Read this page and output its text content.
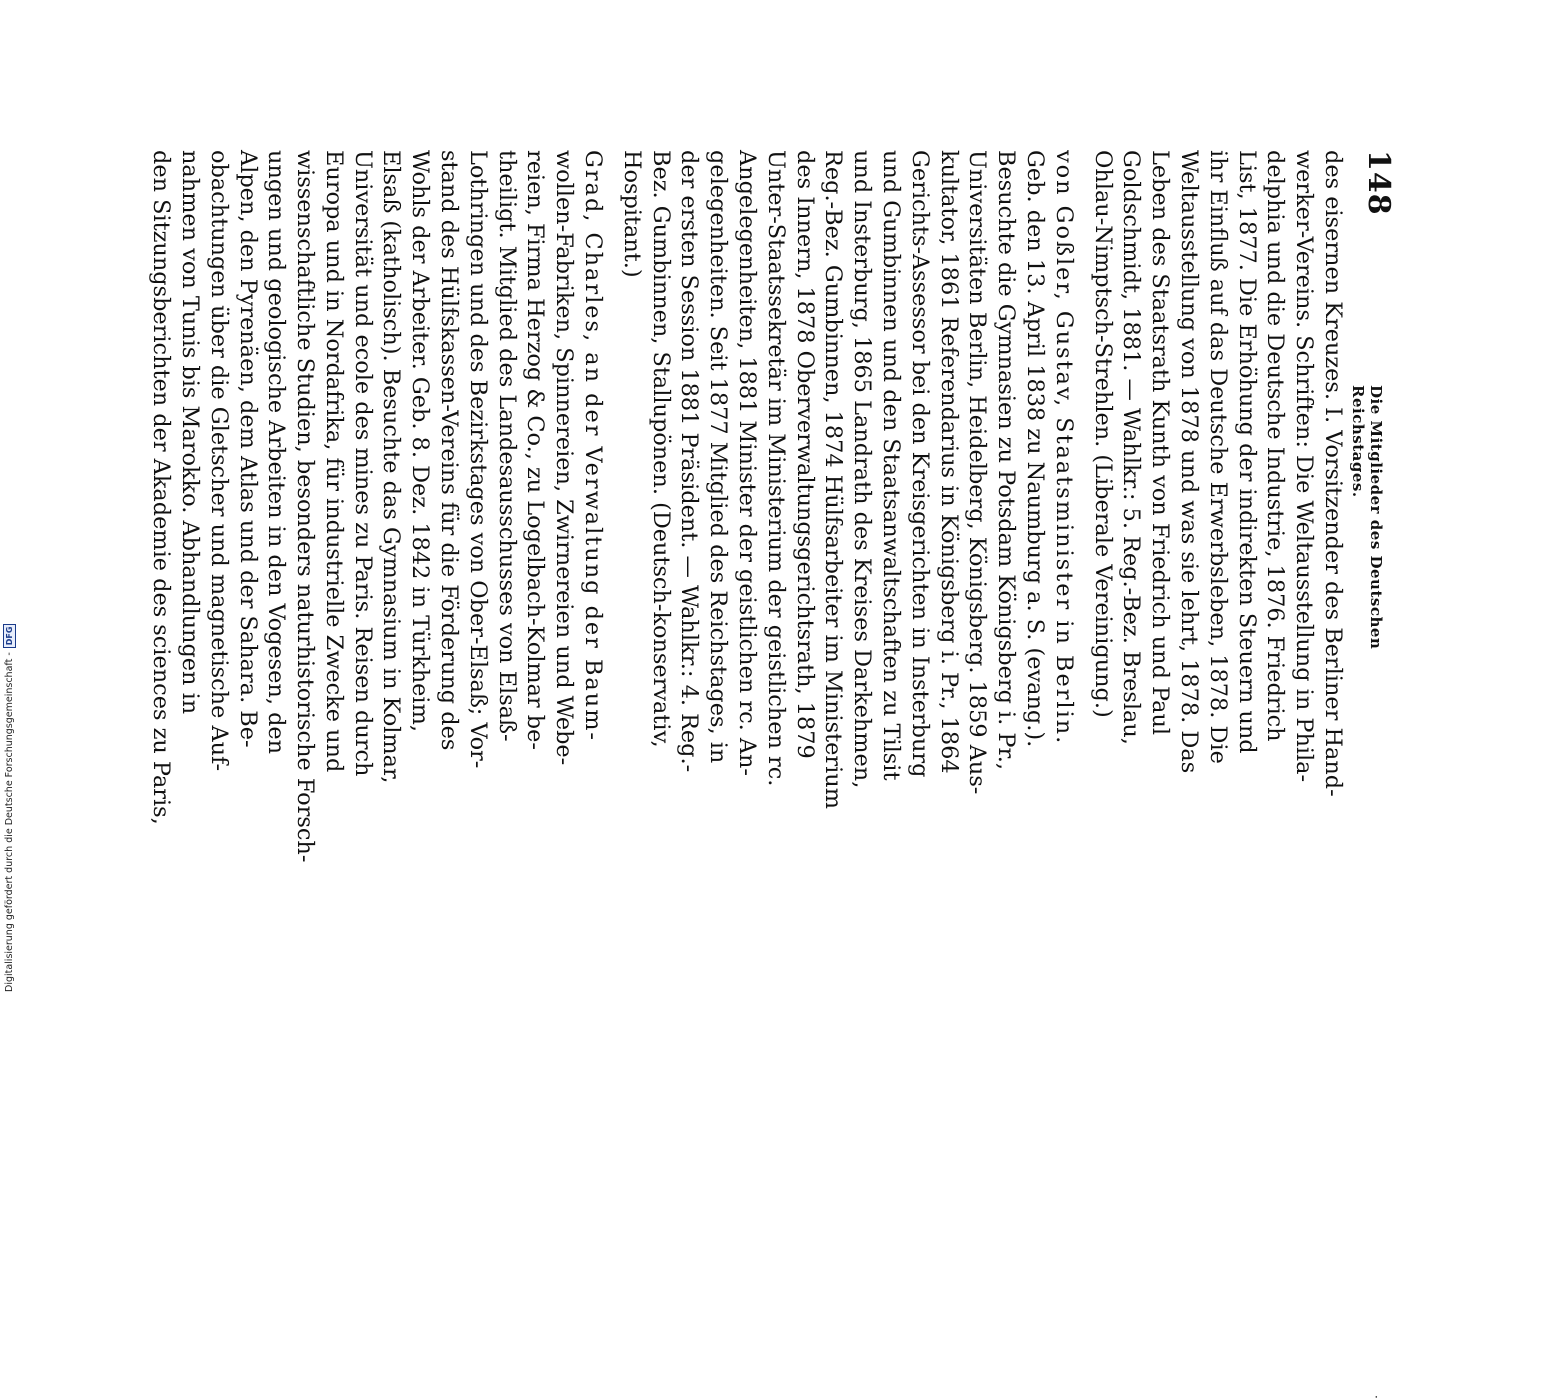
Digitalisierung gefördert durch die Deutsche Forschungsgemeinschaft -
DFG
148
Die Mitglieder des Deutschen Reichstages.
·
des eisernen Kreuzes. I. Vorsitzender des Berliner Hand-
werker-Vereins. Schriften: Die Weltausstellung in Phila-
delphia und die Deutsche Industrie, 1876. Friedrich
List, 1877. Die Erhöhung der indirekten Steuern und
ihr Einfluß auf das Deutsche Erwerbsleben, 1878. Die
Weltausstellung von 1878 und was sie lehrt, 1878. Das
Leben des Staatsrath Kunth von Friedrich und Paul
Goldschmidt, 1881. — Wahlkr.: 5. Reg.-Bez. Breslau,
Ohlau-Nimptsch-Strehlen. (Liberale Vereinigung.)
von Goßler, Gustav, Staatsminister in Berlin.
Geb. den 13. April 1838 zu Naumburg a. S. (evang.).
Besuchte die Gymnasien zu Potsdam Königsberg i. Pr.,
Universitäten Berlin, Heidelberg, Königsberg. 1859 Aus-
kultator, 1861 Referendarius in Königsberg i. Pr., 1864
Gerichts-Assessor bei den Kreisgerichten in Insterburg
und Gumbinnen und den Staatsanwaltschaften zu Tilsit
und Insterburg, 1865 Landrath des Kreises Darkehmen,
Reg.-Bez. Gumbinnen, 1874 Hülfsarbeiter im Ministerium
des Innern, 1878 Oberverwaltungsgerichtsrath, 1879
Unter-Staatssekretär im Ministerium der geistlichen rc.
Angelegenheiten, 1881 Minister der geistlichen rc. An-
gelegenheiten. Seit 1877 Mitglied des Reichstages, in
der ersten Session 1881 Präsident. — Wahlkr.: 4. Reg.-
Bez. Gumbinnen, Stallupönen. (Deutsch-konservativ,
Hospitant.)
Grad, Charles, an der Verwaltung der Baum-
wollen-Fabriken, Spinnereien, Zwirnereien und Webe-
reien, Firma Herzog & Co., zu Logelbach-Kolmar be-
theiligt. Mitglied des Landesausschusses von Elsaß-
Lothringen und des Bezirkstages von Ober-Elsaß; Vor-
stand des Hülfskassen-Vereins für die Förderung des
Wohls der Arbeiter. Geb. 8. Dez. 1842 in Türkheim,
Elsaß (katholisch). Besuchte das Gymnasium in Kolmar,
Universität und ecole des mines zu Paris. Reisen durch
Europa und in Nordafrika, für industrielle Zwecke und
wissenschaftliche Studien, besonders naturhistorische Forsch-
ungen und geologische Arbeiten in den Vogesen, den
Alpen, den Pyrenäen, dem Atlas und der Sahara. Be-
obachtungen über die Gletscher und magnetische Auf-
nahmen von Tunis bis Marokko. Abhandlungen in
den Sitzungsberichten der Akademie des sciences zu Paris,
